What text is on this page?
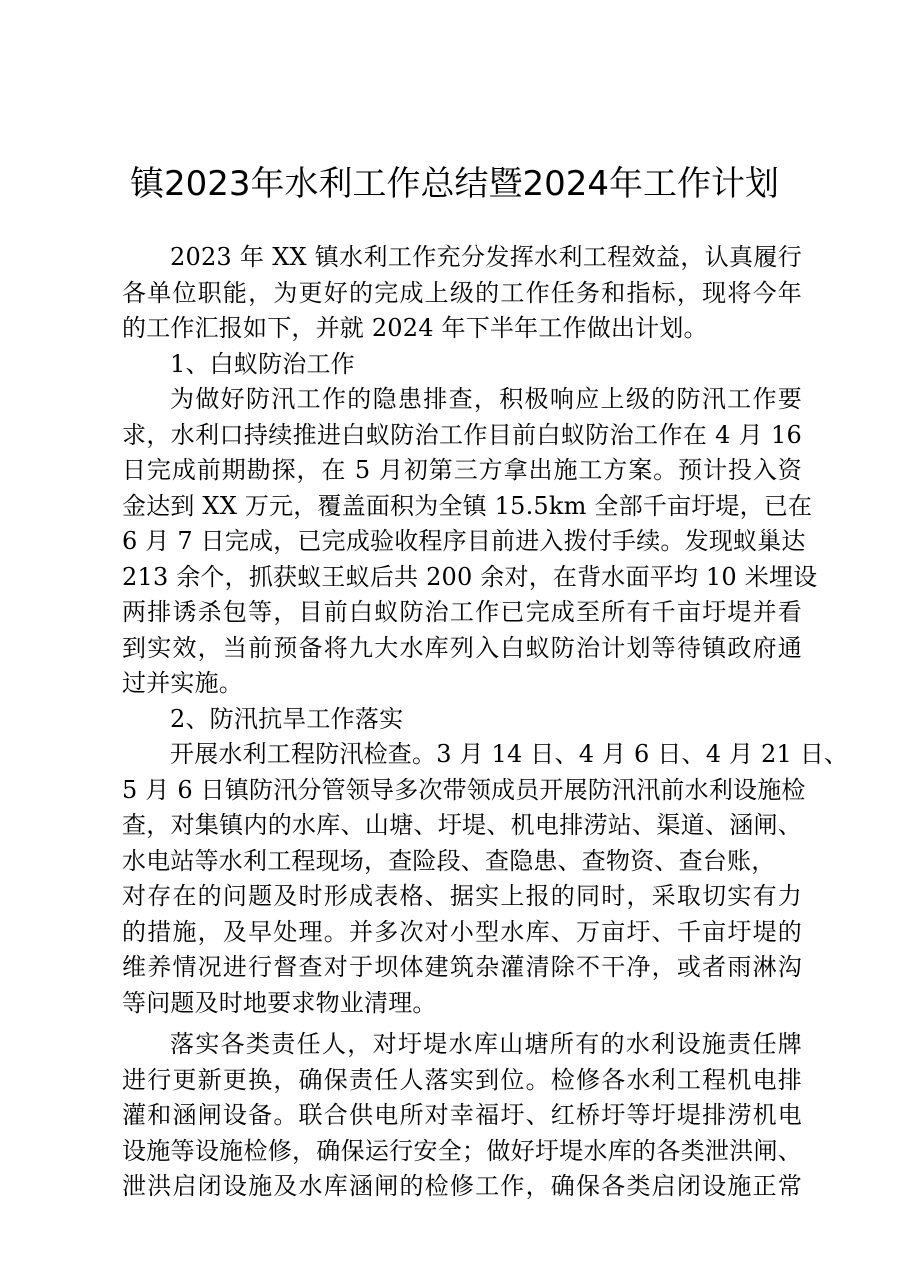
镇2023年水利工作总结暨2024年工作计划
2023 年 XX 镇水利工作充分发挥水利工程效益，认真履行
各单位职能，为更好的完成上级的工作任务和指标，现将今年
的工作汇报如下，并就 2024 年下半年工作做出计划。
1、白蚁防治工作
为做好防汛工作的隐患排查，积极响应上级的防汛工作要
求，水利口持续推进白蚁防治工作目前白蚁防治工作在 4 月 16
日完成前期勘探，在 5 月初第三方拿出施工方案。预计投入资
金达到 XX 万元，覆盖面积为全镇 15.5km 全部千亩圩堤，已在
6 月 7 日完成，已完成验收程序目前进入拨付手续。发现蚁巢达
213 余个，抓获蚁王蚁后共 200 余对，在背水面平均 10 米埋设
两排诱杀包等，目前白蚁防治工作已完成至所有千亩圩堤并看
到实效，当前预备将九大水库列入白蚁防治计划等待镇政府通
过并实施。
2、防汛抗旱工作落实
开展水利工程防汛检查。3 月 14 日、4 月 6 日、4 月 21 日、
5 月 6 日镇防汛分管领导多次带领成员开展防汛汛前水利设施检
查，对集镇内的水库、山塘、圩堤、机电排涝站、渠道、涵闸、
水电站等水利工程现场，查险段、查隐患、查物资、查台账，
对存在的问题及时形成表格、据实上报的同时，采取切实有力
的措施，及早处理。并多次对小型水库、万亩圩、千亩圩堤的
维养情况进行督查对于坝体建筑杂灌清除不干净，或者雨淋沟
等问题及时地要求物业清理。
落实各类责任人，对圩堤水库山塘所有的水利设施责任牌
进行更新更换，确保责任人落实到位。检修各水利工程机电排
灌和涵闸设备。联合供电所对幸福圩、红桥圩等圩堤排涝机电
设施等设施检修，确保运行安全；做好圩堤水库的各类泄洪闸、
泄洪启闭设施及水库涵闸的检修工作，确保各类启闭设施正常
